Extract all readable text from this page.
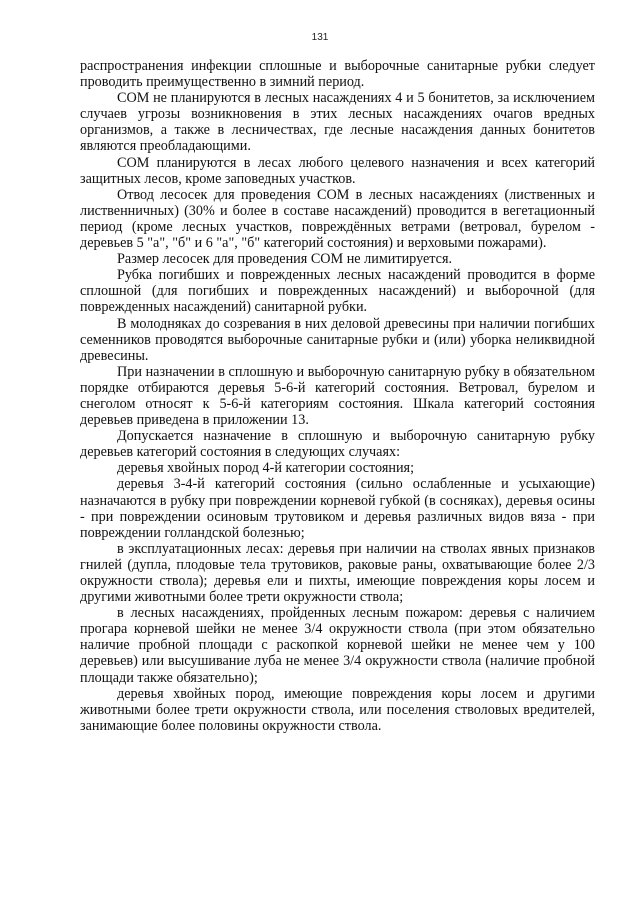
131

распространения инфекции сплошные и выборочные санитарные рубки следует проводить преимущественно в зимний период.

СОМ не планируются в лесных насаждениях 4 и 5 бонитетов, за исключением случаев угрозы возникновения в этих лесных насаждениях очагов вредных организмов, а также в лесничествах, где лесные насаждения данных бонитетов являются преобладающими.

СОМ планируются в лесах любого целевого назначения и всех категорий защитных лесов, кроме заповедных участков.

Отвод лесосек для проведения СОМ в лесных насаждениях (лиственных и лиственничных) (30% и более в составе насаждений) проводится в вегетационный период (кроме лесных участков, повреждённых ветрами (ветровал, бурелом - деревьев 5 "а", "б" и 6 "а", "б" категорий состояния) и верховыми пожарами).

Размер лесосек для проведения СОМ не лимитируется.

Рубка погибших и поврежденных лесных насаждений проводится в форме сплошной (для погибших и поврежденных насаждений) и выборочной (для поврежденных насаждений) санитарной рубки.

В молодняках до созревания в них деловой древесины при наличии погибших семенников проводятся выборочные санитарные рубки и (или) уборка неликвидной древесины.

При назначении в сплошную и выборочную санитарную рубку в обязательном порядке отбираются деревья 5-6-й категорий состояния. Ветровал, бурелом и снеголом относят к 5-6-й категориям состояния. Шкала категорий состояния деревьев приведена в приложении 13.

Допускается назначение в сплошную и выборочную санитарную рубку деревьев категорий состояния в следующих случаях:

деревья хвойных пород 4-й категории состояния;

деревья 3-4-й категорий состояния (сильно ослабленные и усыхающие) назначаются в рубку при повреждении корневой губкой (в сосняках), деревья осины - при повреждении осиновым трутовиком и деревья различных видов вяза - при повреждении голландской болезнью;

в эксплуатационных лесах: деревья при наличии на стволах явных признаков гнилей (дупла, плодовые тела трутовиков, раковые раны, охватывающие более 2/3 окружности ствола); деревья ели и пихты, имеющие повреждения коры лосем и другими животными более трети окружности ствола;

в лесных насаждениях, пройденных лесным пожаром: деревья с наличием прогара корневой шейки не менее 3/4 окружности ствола (при этом обязательно наличие пробной площади с раскопкой корневой шейки не менее чем у 100 деревьев) или высушивание луба не менее 3/4 окружности ствола (наличие пробной площади также обязательно);

деревья хвойных пород, имеющие повреждения коры лосем и другими животными более трети окружности ствола, или поселения стволовых вредителей, занимающие более половины окружности ствола.
